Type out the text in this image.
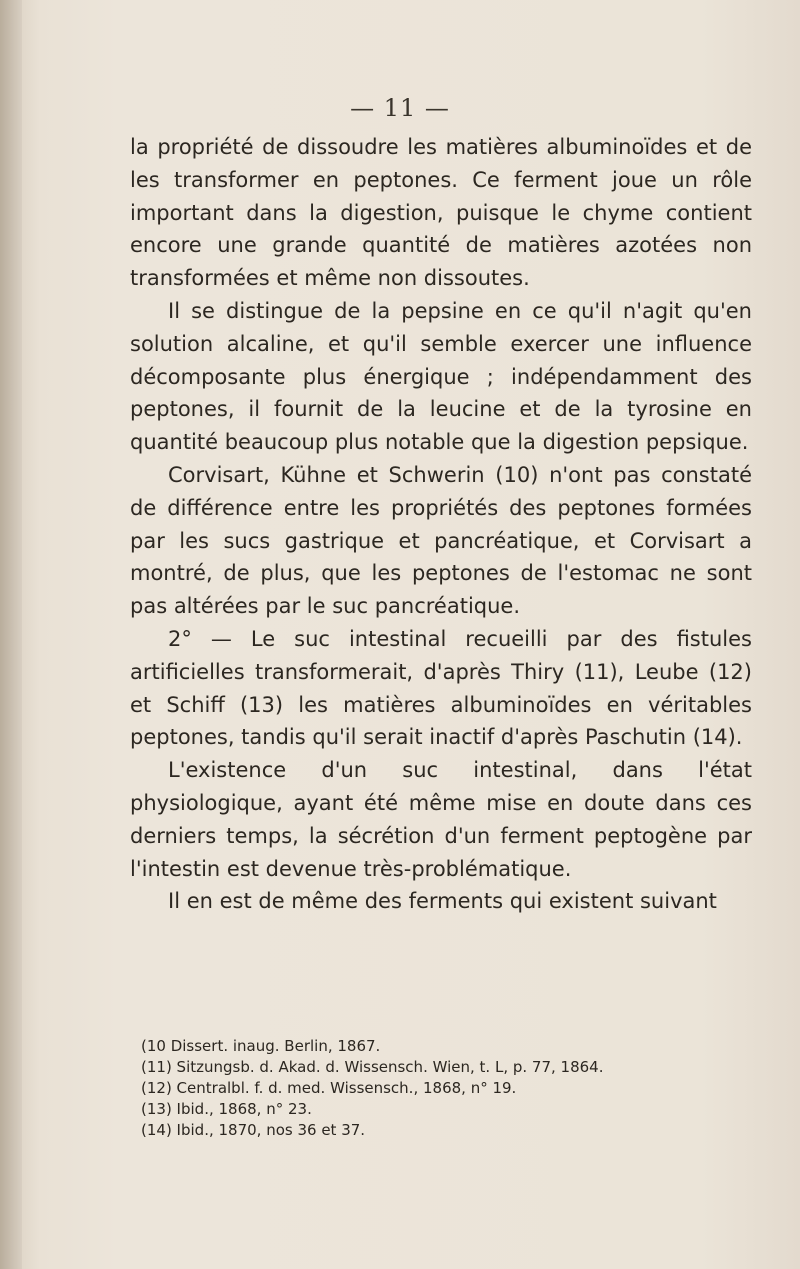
— 11 —

la propriété de dissoudre les matières albuminoïdes et de les transformer en peptones. Ce ferment joue un rôle important dans la digestion, puisque le chyme contient encore une grande quantité de matières azotées non transformées et même non dissoutes.

Il se distingue de la pepsine en ce qu'il n'agit qu'en solution alcaline, et qu'il semble exercer une influence décomposante plus énergique ; indépendamment des peptones, il fournit de la leucine et de la tyrosine en quantité beaucoup plus notable que la digestion pepsique.

Corvisart, Kühne et Schwerin (10) n'ont pas constaté de différence entre les propriétés des peptones formées par les sucs gastrique et pancréatique, et Corvisart a montré, de plus, que les peptones de l'estomac ne sont pas altérées par le suc pancréatique.

2° — Le suc intestinal recueilli par des fistules artificielles transformerait, d'après Thiry (11), Leube (12) et Schiff (13) les matières albuminoïdes en véritables peptones, tandis qu'il serait inactif d'après Paschutin (14).

L'existence d'un suc intestinal, dans l'état physiologique, ayant été même mise en doute dans ces derniers temps, la sécrétion d'un ferment peptogène par l'intestin est devenue très-problématique.

Il en est de même des ferments qui existent suivant

(10 Dissert. inaug. Berlin, 1867.
(11) Sitzungsb. d. Akad. d. Wissensch. Wien, t. L, p. 77, 1864.
(12) Centralbl. f. d. med. Wissensch., 1868, n° 19.
(13) Ibid., 1868, n° 23.
(14) Ibid., 1870, nos 36 et 37.
